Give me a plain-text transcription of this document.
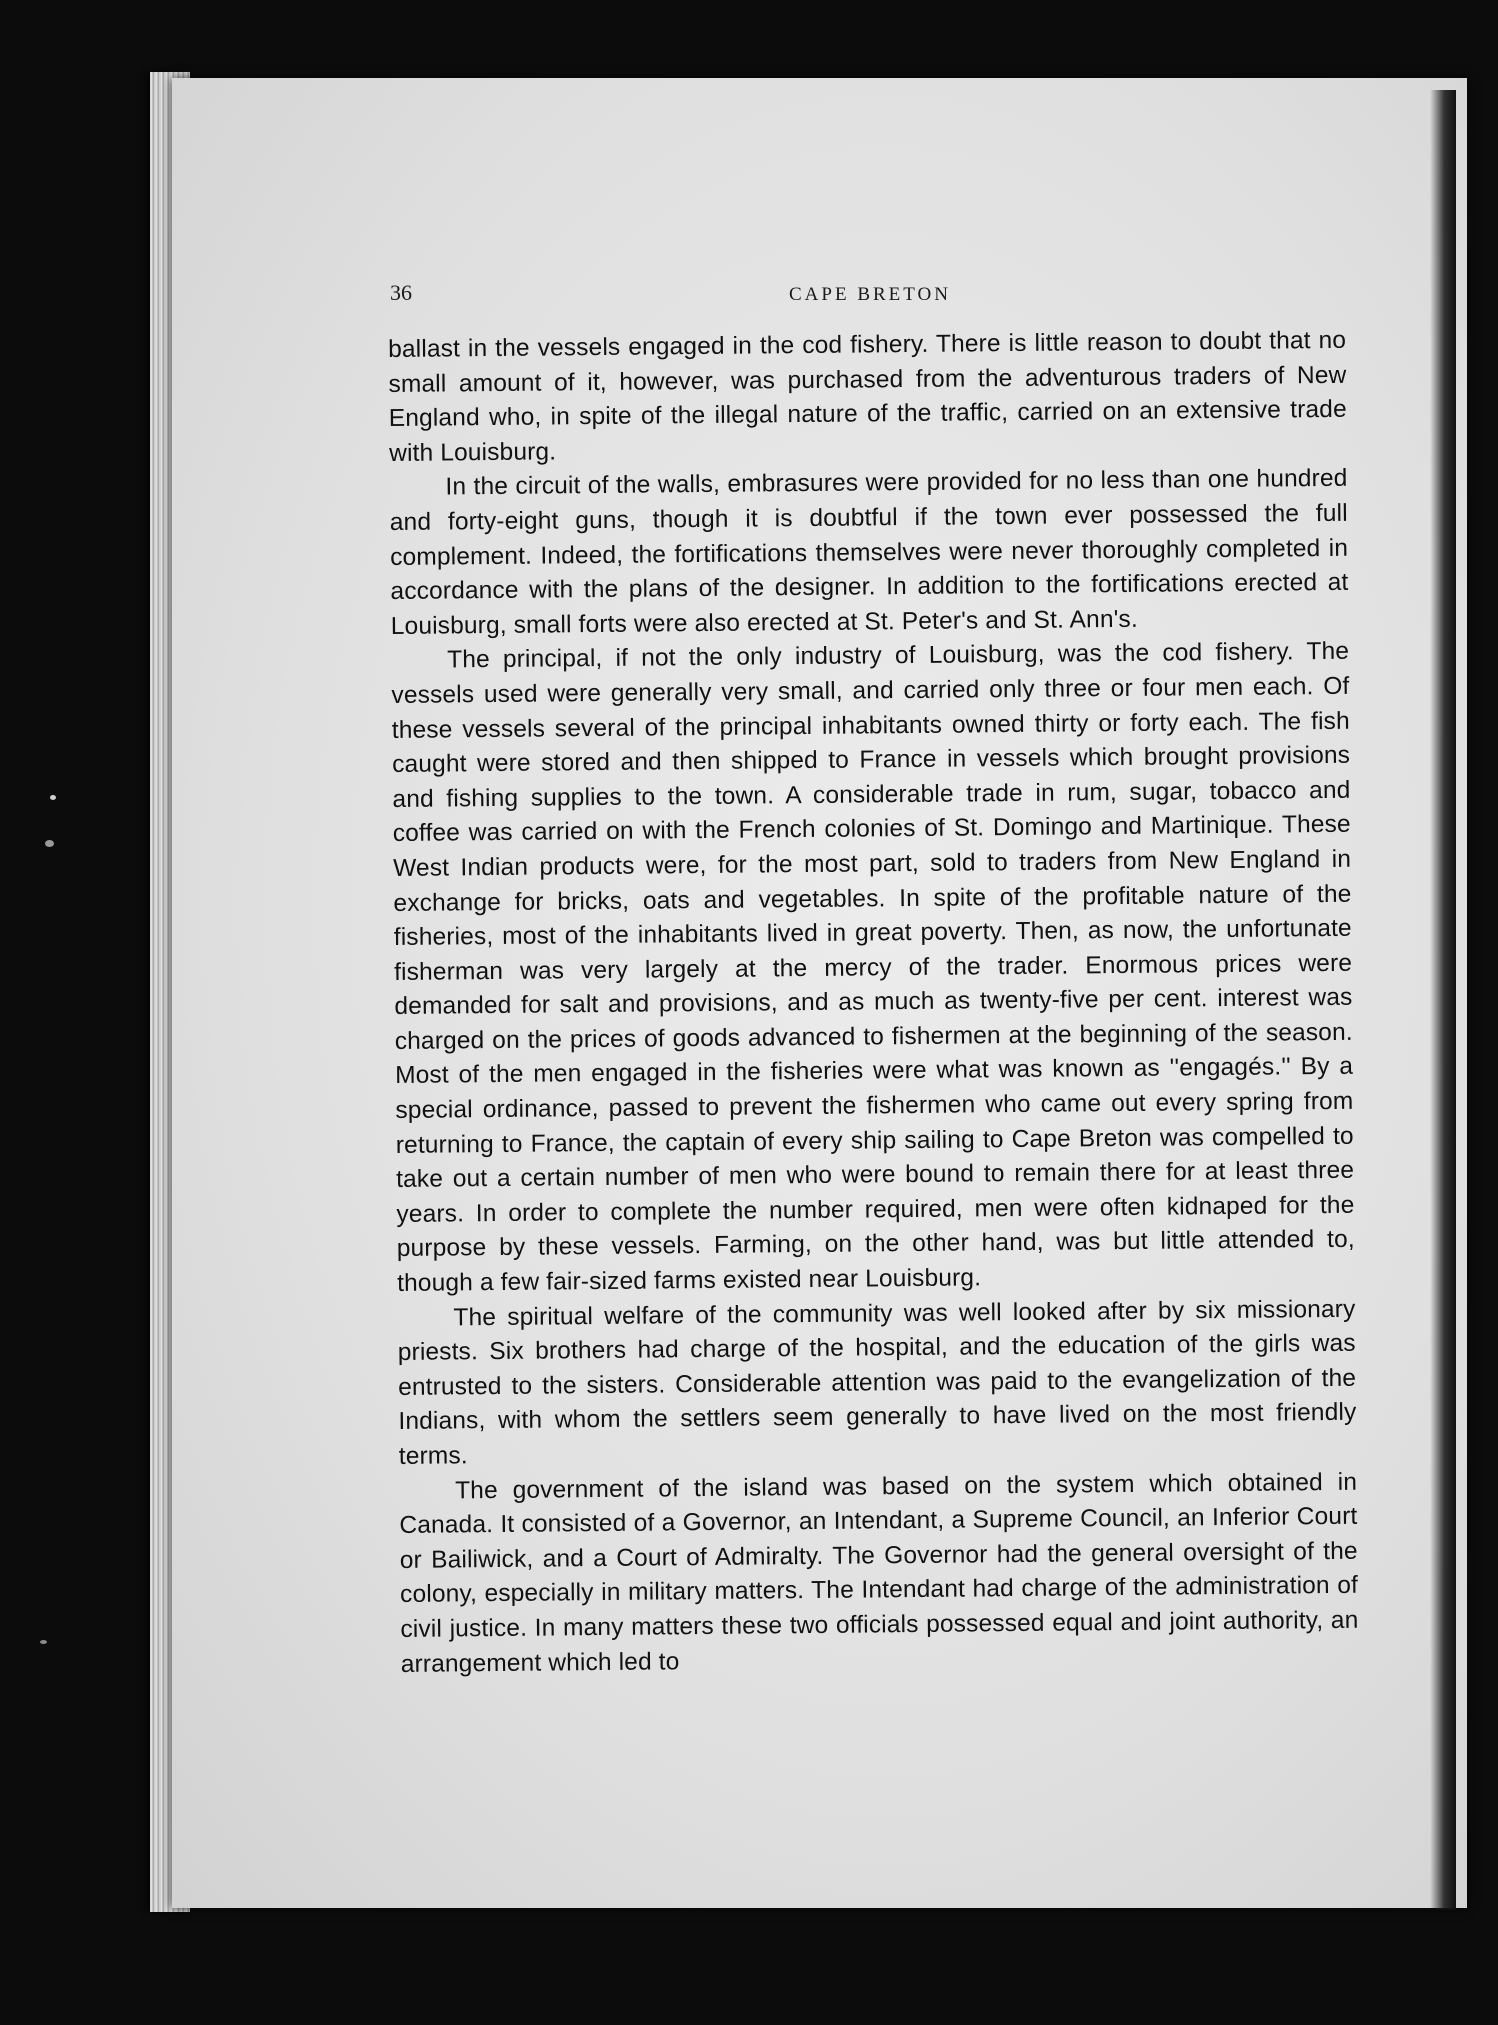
36	CAPE BRETON

ballast in the vessels engaged in the cod fishery. There is little reason to doubt that no small amount of it, however, was purchased from the adventurous traders of New England who, in spite of the illegal nature of the traffic, carried on an extensive trade with Louisburg.

In the circuit of the walls, embrasures were provided for no less than one hundred and forty-eight guns, though it is doubtful if the town ever possessed the full complement. Indeed, the fortifications themselves were never thoroughly completed in accordance with the plans of the designer. In addition to the fortifications erected at Louisburg, small forts were also erected at St. Peter's and St. Ann's.

The principal, if not the only industry of Louisburg, was the cod fishery. The vessels used were generally very small, and carried only three or four men each. Of these vessels several of the principal inhabitants owned thirty or forty each. The fish caught were stored and then shipped to France in vessels which brought provisions and fishing supplies to the town. A considerable trade in rum, sugar, tobacco and coffee was carried on with the French colonies of St. Domingo and Martinique. These West Indian products were, for the most part, sold to traders from New England in exchange for bricks, oats and vegetables. In spite of the profitable nature of the fisheries, most of the inhabitants lived in great poverty. Then, as now, the unfortunate fisherman was very largely at the mercy of the trader. Enormous prices were demanded for salt and provisions, and as much as twenty-five per cent. interest was charged on the prices of goods advanced to fishermen at the beginning of the season. Most of the men engaged in the fisheries were what was known as ''engagés.'' By a special ordinance, passed to prevent the fishermen who came out every spring from returning to France, the captain of every ship sailing to Cape Breton was compelled to take out a certain number of men who were bound to remain there for at least three years. In order to complete the number required, men were often kidnaped for the purpose by these vessels. Farming, on the other hand, was but little attended to, though a few fair-sized farms existed near Louisburg.

The spiritual welfare of the community was well looked after by six missionary priests. Six brothers had charge of the hospital, and the education of the girls was entrusted to the sisters. Considerable attention was paid to the evangelization of the Indians, with whom the settlers seem generally to have lived on the most friendly terms.

The government of the island was based on the system which obtained in Canada. It consisted of a Governor, an Intendant, a Supreme Council, an Inferior Court or Bailiwick, and a Court of Admiralty. The Governor had the general oversight of the colony, especially in military matters. The Intendant had charge of the administration of civil justice. In many matters these two officials possessed equal and joint authority, an arrangement which led to
